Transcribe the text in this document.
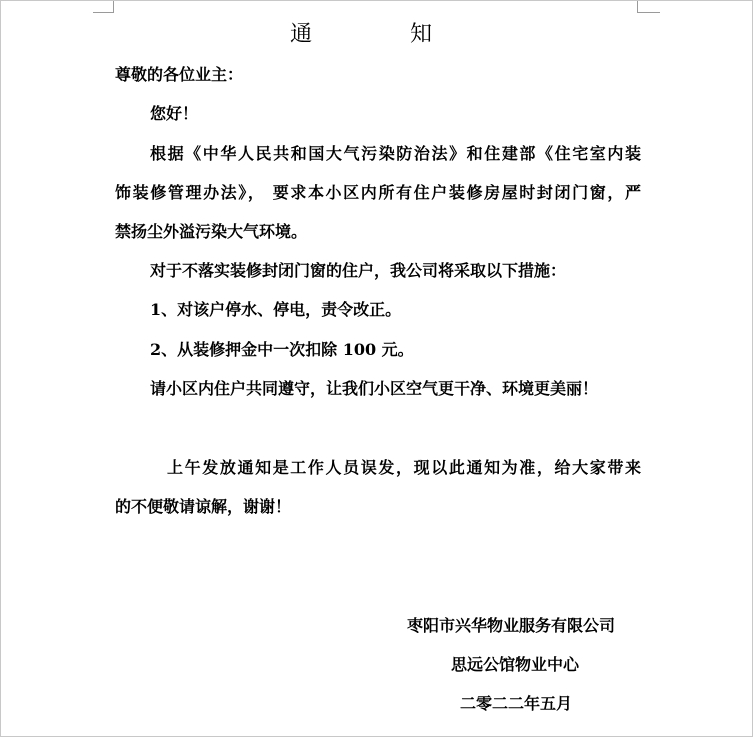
通　知
尊敬的各位业主：
您好！
根据《中华人民共和国大气污染防治法》和住建部《住宅室内装
饰装修管理办法》， 要求本小区内所有住户装修房屋时封闭门窗，严
禁扬尘外溢污染大气环境。
对于不落实装修封闭门窗的住户，我公司将采取以下措施：
1、对该户停水、停电，责令改正。
2、从装修押金中一次扣除 100 元。
请小区内住户共同遵守，让我们小区空气更干净、环境更美丽！
上午发放通知是工作人员误发，现以此通知为准，给大家带来
的不便敬请谅解，谢谢！
枣阳市兴华物业服务有限公司
思远公馆物业中心
二零二二年五月
